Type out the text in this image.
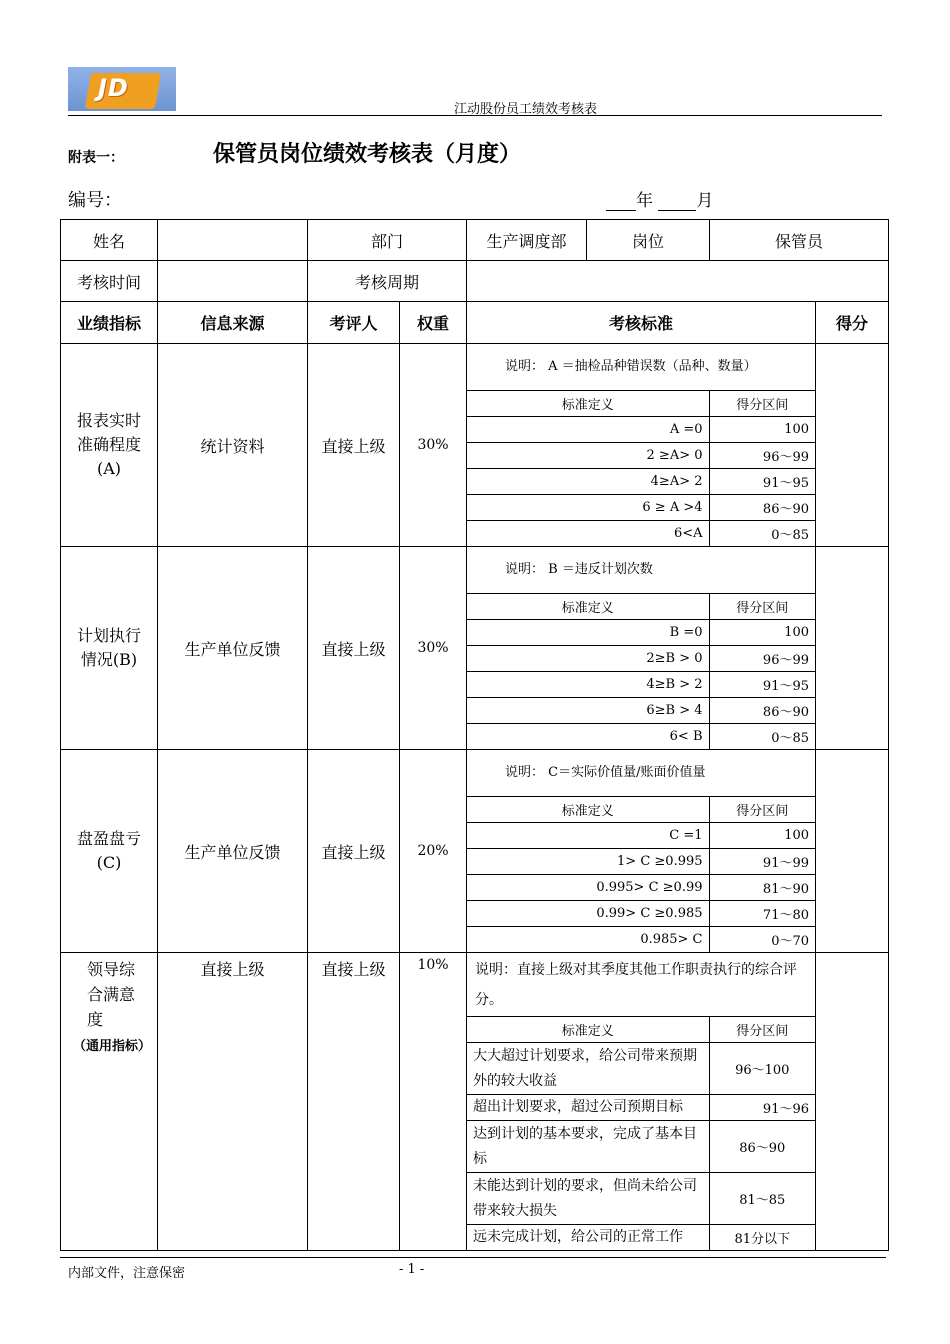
JD
江动股份员工绩效考核表
附表一：	保管员岗位绩效考核表（月度）
编号：	年	月
姓名		部门	生产调度部	岗位	保管员
考核时间		考核周期	
业绩指标	信息来源	考评人	权重	考核标准	得分
报表实时准确程度(A)	统计资料	直接上级	30%	
说明： A ＝抽检品种错误数（品种、数量）
标准定义	得分区间
A =0	100
2 ≥A> 0	96～99
4≥A> 2	91～95
6 ≥ A >4	86～90
6<A	0～85

计划执行情况(B)	生产单位反馈	直接上级	30%	
说明： B ＝违反计划次数
标准定义	得分区间
B =0	100
2≥B > 0	96～99
4≥B > 2	91～95
6≥B > 4	86～90
6< B	0～85

盘盈盘亏(C)	生产单位反馈	直接上级	20%	
说明： C＝实际价值量/账面价值量
标准定义	得分区间
C =1	100
1> C ≥0.995	91～99
0.995> C ≥0.99	81～90
0.99> C ≥0.985	71～80
0.985> C	0～70

领导综合满意度
（通用指标）	直接上级	直接上级	10%	说明：直接上级对其季度其他工作职责执行的综合评分。
标准定义	得分区间
大大超过计划要求，给公司带来预期外的较大收益	96～100
超出计划要求，超过公司预期目标	91～96
达到计划的基本要求，完成了基本目标	86～90
未能达到计划的要求，但尚未给公司带来较大损失	81～85
远未完成计划，给公司的正常工作	81分以下

内部文件，注意保密	- 1 -
